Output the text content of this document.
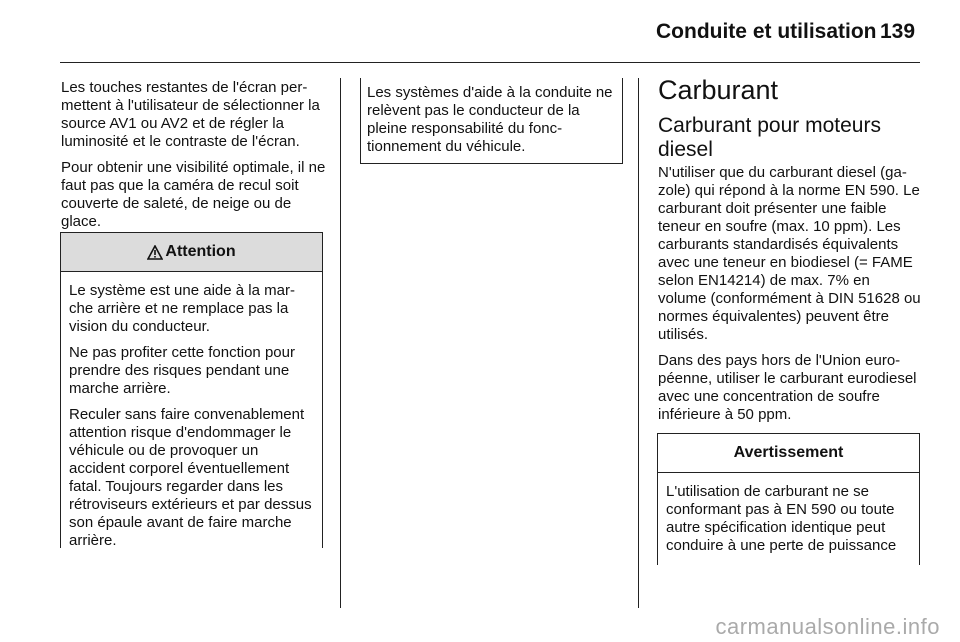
Conduite et utilisation 139

Les touches restantes de l'écran permettent à l'utilisateur de sélectionner la source AV1 ou AV2 et de régler la luminosité et le contraste de l'écran.

Pour obtenir une visibilité optimale, il ne faut pas que la caméra de recul soit couverte de saleté, de neige ou de glace.

Attention

Le système est une aide à la marche arrière et ne remplace pas la vision du conducteur.

Ne pas profiter cette fonction pour prendre des risques pendant une marche arrière.

Reculer sans faire convenablement attention risque d'endommager le véhicule ou de provoquer un accident corporel éventuellement fatal. Toujours regarder dans les rétroviseurs extérieurs et par dessus son épaule avant de faire marche arrière.

Les systèmes d'aide à la conduite ne relèvent pas le conducteur de la pleine responsabilité du fonctionnement du véhicule.
Carburant
Carburant pour moteurs diesel

N'utiliser que du carburant diesel (gazole) qui répond à la norme EN 590. Le carburant doit présenter une faible teneur en soufre (max. 10 ppm). Les carburants standardisés équivalents avec une teneur en biodiesel (= FAME selon EN14214) de max. 7% en volume (conformément à DIN 51628 ou normes équivalentes) peuvent être utilisés.

Dans des pays hors de l'Union européenne, utiliser le carburant eurodiesel avec une concentration de soufre inférieure à 50 ppm.

Avertissement
L'utilisation de carburant ne se conformant pas à EN 590 ou toute autre spécification identique peut conduire à une perte de puissance
carmanualsonline.info
